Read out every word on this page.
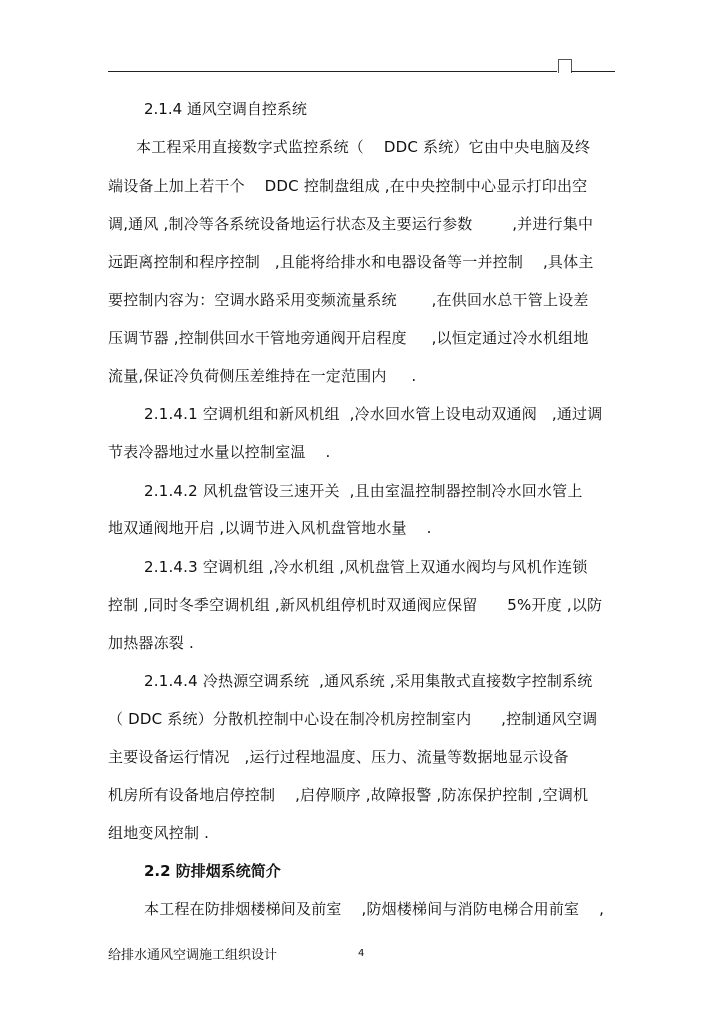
2.1.4 通风空调自控系统
本工程采用直接数字式监控系统（    DDC 系统）它由中央电脑及终
端设备上加上若干个    DDC 控制盘组成 ,在中央控制中心显示打印出空
调,通风 ,制冷等各系统设备地运行状态及主要运行参数        ,并进行集中
远距离控制和程序控制   ,且能将给排水和电器设备等一并控制    ,具体主
要控制内容为：空调水路采用变频流量系统       ,在供回水总干管上设差
压调节器 ,控制供回水干管地旁通阀开启程度     ,以恒定通过冷水机组地
流量,保证冷负荷侧压差维持在一定范围内     .
2.1.4.1 空调机组和新风机组  ,冷水回水管上设电动双通阀   ,通过调
节表冷器地过水量以控制室温    .
2.1.4.2 风机盘管设三速开关  ,且由室温控制器控制冷水回水管上
地双通阀地开启 ,以调节进入风机盘管地水量    .
2.1.4.3 空调机组 ,冷水机组 ,风机盘管上双通水阀均与风机作连锁
控制 ,同时冬季空调机组 ,新风机组停机时双通阀应保留      5%开度 ,以防
加热器冻裂 .
2.1.4.4 冷热源空调系统  ,通风系统 ,采用集散式直接数字控制系统
（ DDC 系统）分散机控制中心设在制冷机房控制室内      ,控制通风空调
主要设备运行情况   ,运行过程地温度、压力、流量等数据地显示设备
机房所有设备地启停控制    ,启停顺序 ,故障报警 ,防冻保护控制 ,空调机
组地变风控制 .
2.2 防排烟系统简介
本工程在防排烟楼梯间及前室    ,防烟楼梯间与消防电梯合用前室    ,
给排水通风空调施工组织设计	4
